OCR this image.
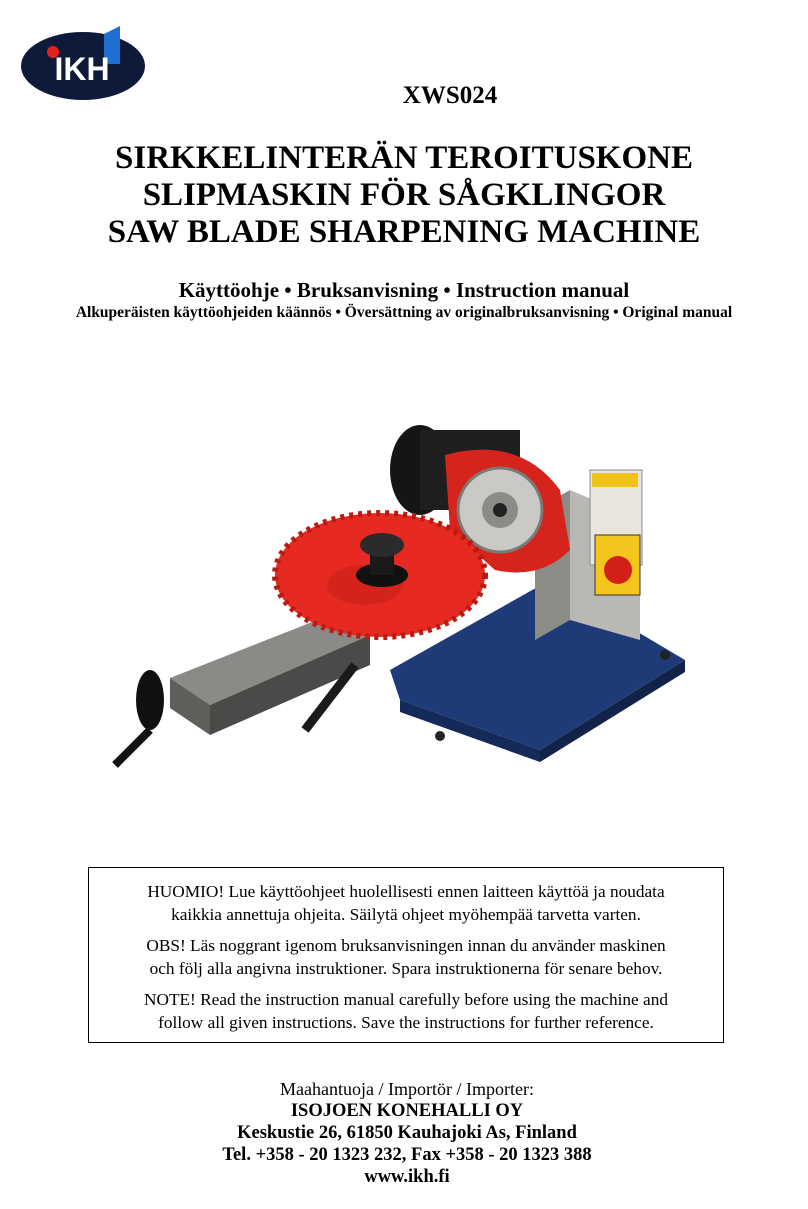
IKH
XWS024
SIRKKELINTERÄN TEROITUSKONE
SLIPMASKIN FÖR SÅGKLINGOR
SAW BLADE SHARPENING MACHINE
Käyttöohje • Bruksanvisning • Instruction manual
Alkuperäisten käyttöohjeiden käännös • Översättning av originalbruksanvisning • Original manual

HUOMIO! Lue käyttöohjeet huolellisesti ennen laitteen käyttöä ja noudata
kaikkia annettuja ohjeita. Säilytä ohjeet myöhempää tarvetta varten.

OBS! Läs noggrant igenom bruksanvisningen innan du använder maskinen
och följ alla angivna instruktioner. Spara instruktionerna för senare behov.

NOTE! Read the instruction manual carefully before using the machine and
follow all given instructions. Save the instructions for further reference.

Maahantuoja / Importör / Importer:
ISOJOEN KONEHALLI OY
Keskustie 26, 61850 Kauhajoki As, Finland
Tel. +358 - 20 1323 232, Fax +358 - 20 1323 388
www.ikh.fi
